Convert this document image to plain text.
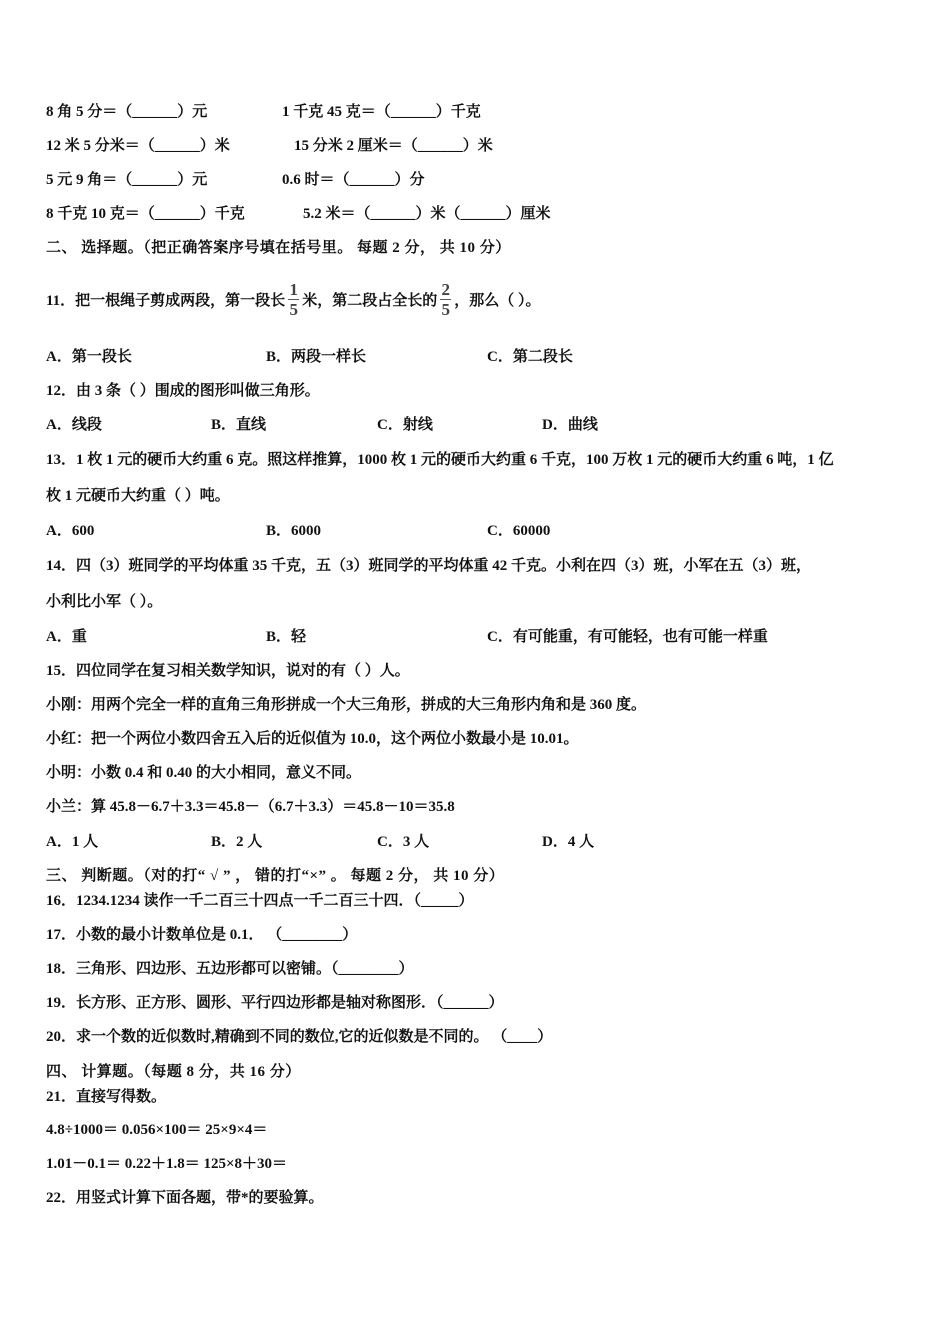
8 角 5 分＝（______）元	1 千克 45 克＝（______）千克
12 米 5 分米＝（______）米	15 分米 2 厘米＝（______）米
5 元 9 角＝（______）元	0.6 时＝（______）分
8 千克 10 克＝（______）千克	5.2 米＝（______）米（______）厘米
二、 选择题。（把正确答案序号填在括号里。 每题 2 分， 共 10 分）
11．把一根绳子剪成两段，第一段长 $\frac{1}{5}$ 米，第二段占全长的 $\frac{2}{5}$ ，那么（ ）。
A．第一段长	B．两段一样长	C．第二段长
12．由 3 条（ ）围成的图形叫做三角形。
A．线段	B．直线	C．射线	D．曲线
13．1 枚 1 元的硬币大约重 6 克。照这样推算，1000 枚 1 元的硬币大约重 6 千克，100 万枚 1 元的硬币大约重 6 吨，1 亿
枚 1 元硬币大约重（ ）吨。
A．600	B．6000	C．60000
14．四（3）班同学的平均体重 35 千克，五（3）班同学的平均体重 42 千克。小利在四（3）班，小军在五（3）班，
小利比小军（ ）。
A．重	B．轻	C．有可能重，有可能轻，也有可能一样重
15．四位同学在复习相关数学知识，说对的有（ ）人。
小刚：用两个完全一样的直角三角形拼成一个大三角形，拼成的大三角形内角和是 360 度。
小红：把一个两位小数四舍五入后的近似值为 10.0，这个两位小数最小是 10.01。
小明：小数 0.4 和 0.40 的大小相同，意义不同。
小兰：算 45.8－6.7＋3.3＝45.8－（6.7＋3.3）＝45.8－10＝35.8
A．1 人	B．2 人	C．3 人	D．4 人
三、 判断题。（对的打“ √ ” ， 错的打“×” 。 每题 2 分， 共 10 分）
16．1234.1234 读作一千二百三十四点一千二百三十四．（_____）
17．小数的最小计数单位是 0.1． （________）
18．三角形、四边形、五边形都可以密铺。（________）
19．长方形、正方形、圆形、平行四边形都是轴对称图形．（______）
20．求一个数的近似数时,精确到不同的数位,它的近似数是不同的。 （____）
四、 计算题。（每题 8 分，共 16 分）
21．直接写得数。
4.8÷1000＝ 0.056×100＝ 25×9×4＝
1.01－0.1＝ 0.22＋1.8＝ 125×8＋30＝
22．用竖式计算下面各题，带*的要验算。
